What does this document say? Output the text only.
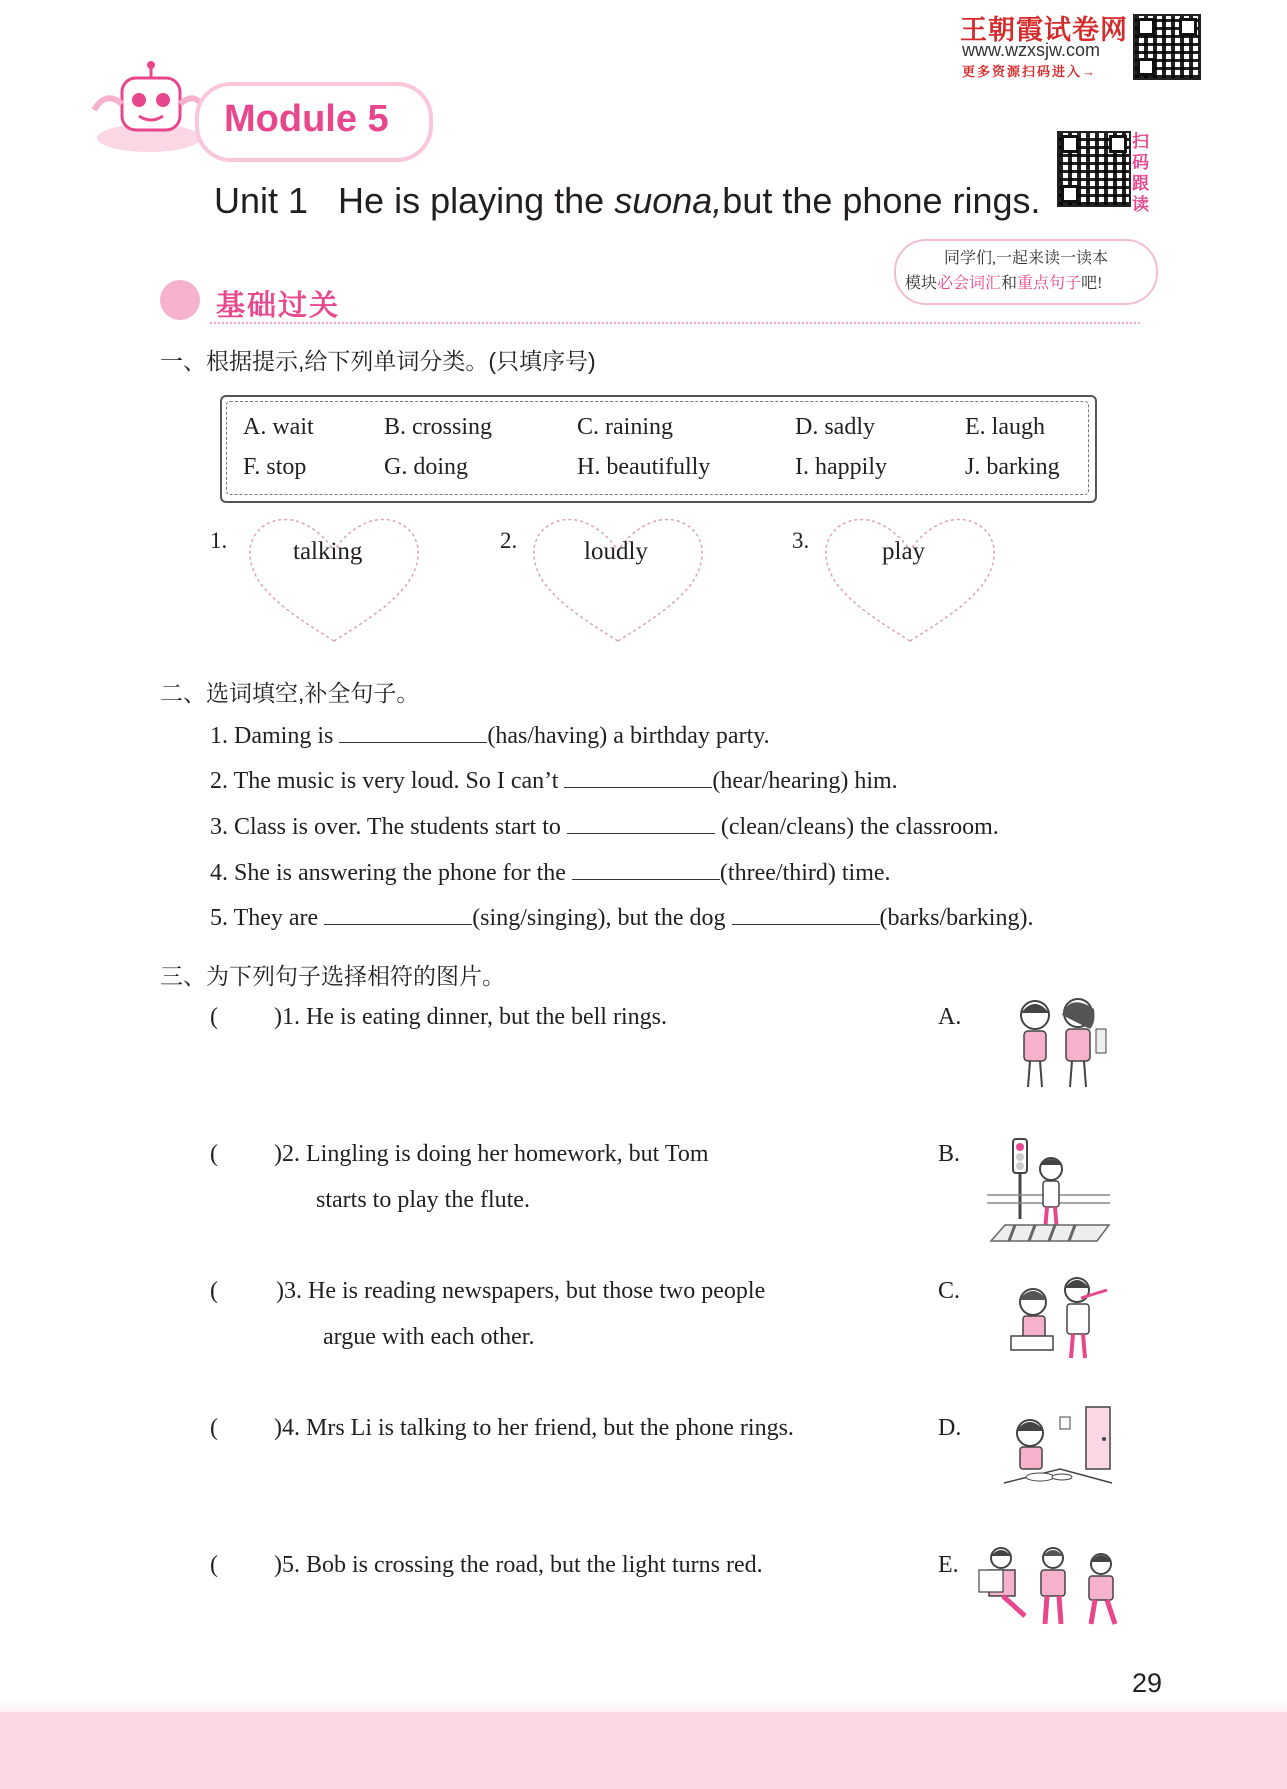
王朝霞试卷网
www.wzxsjw.com
更多资源扫码进入→
Module 5
Unit 1 He is playing the suona,but the phone rings.
扫
码
跟
读
同学们,一起来读一读本
模块必会词汇和重点句子吧!
基础过关
一、根据提示,给下列单词分类。(只填序号)
A. wait	B. crossing	C. raining	D. sadly	E. laugh
F. stop	G. doing	H. beautifully	I. happily	J. barking
1.	talking	2.	loudly	3.	play
二、选词填空,补全句子。
1. Daming is	(has/having) a birthday party.
2. The music is very loud. So I can’t	(hear/hearing) him.
3. Class is over. The students start to	(clean/cleans) the classroom.
4. She is answering the phone for the	(three/third) time.
5. They are	(sing/singing), but the dog	(barks/barking).
三、为下列句子选择相符的图片。
( )1. He is eating dinner, but the bell rings.
( )2. Lingling is doing her homework, but Tom
starts to play the flute.
( )3. He is reading newspapers, but those two people
argue with each other.
( )4. Mrs Li is talking to her friend, but the phone rings.
( )5. Bob is crossing the road, but the light turns red.
A.
B.
C.
D.
E.
29
